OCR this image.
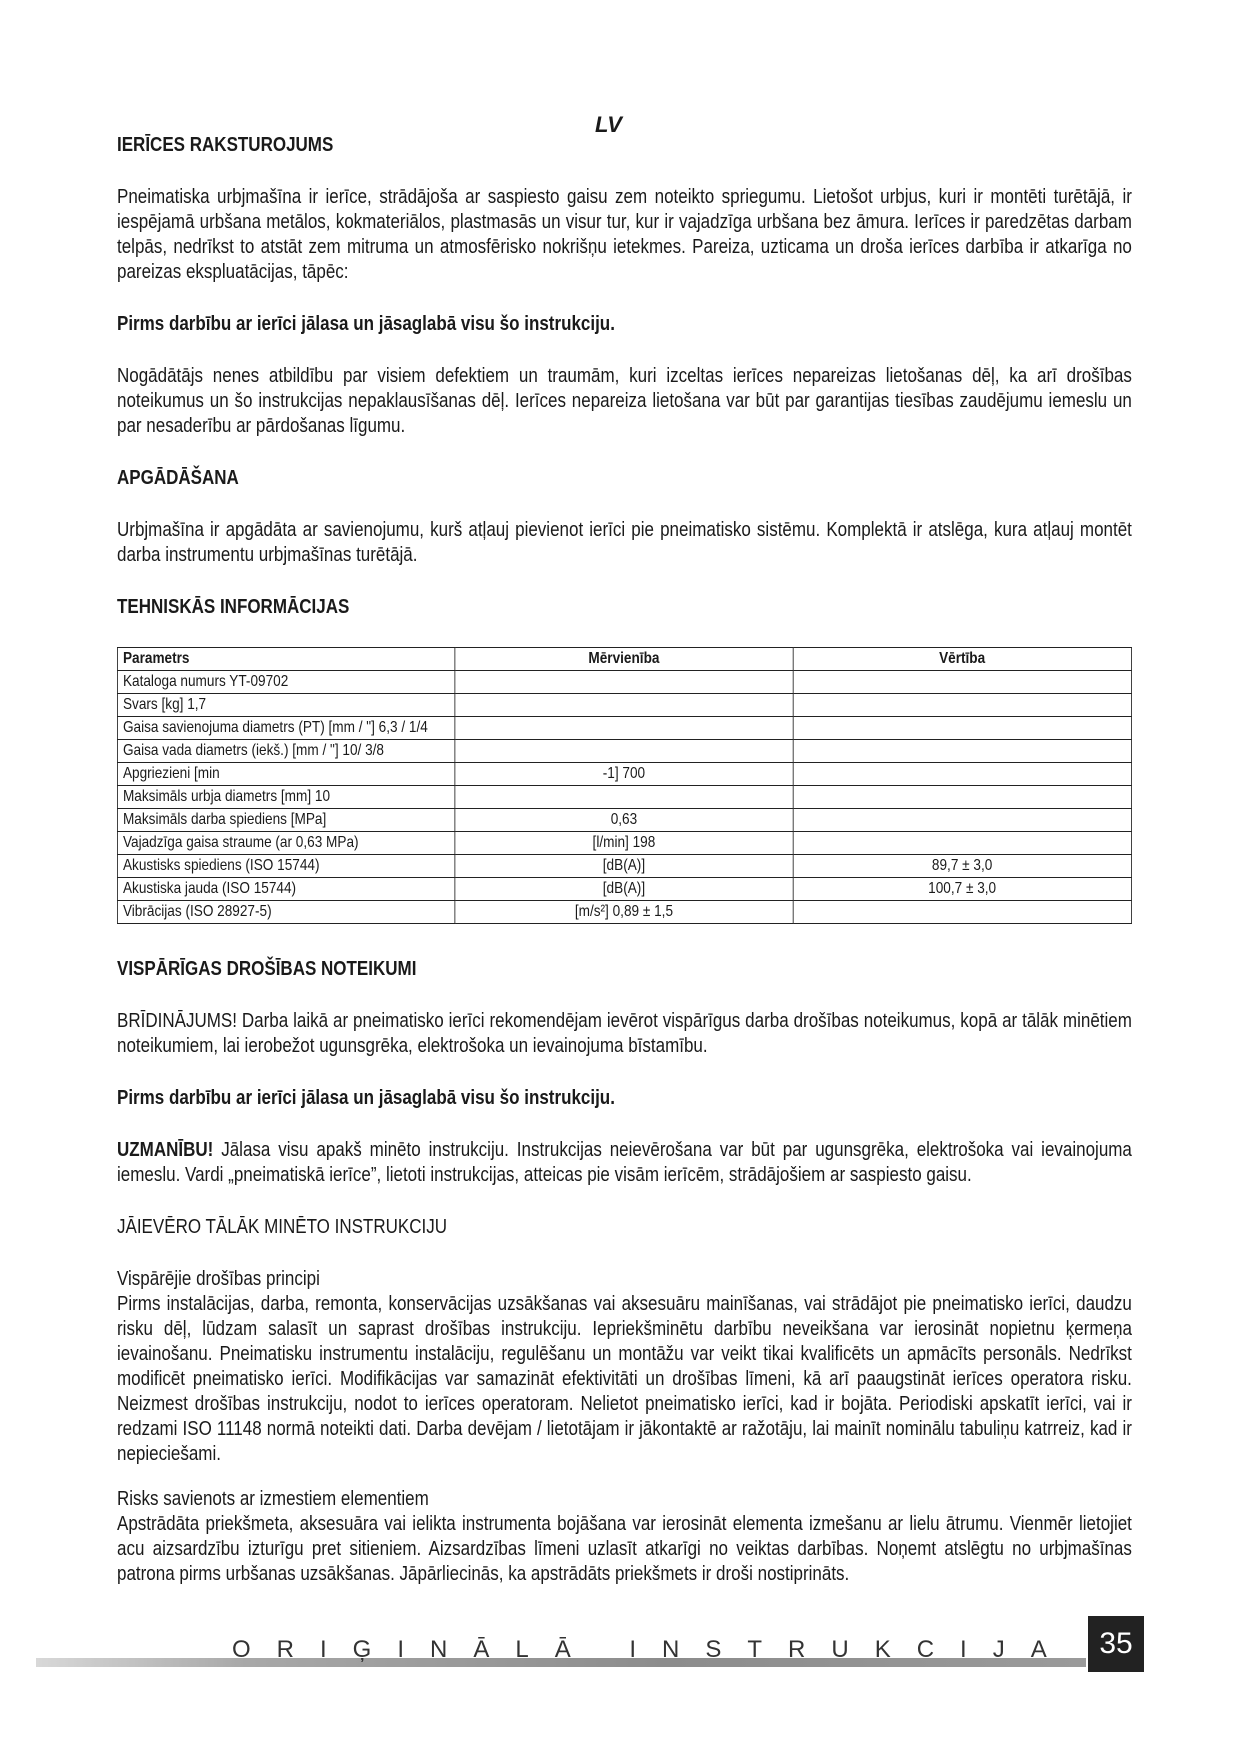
LV
IERĪCES RAKSTUROJUMS

Pneimatiska urbjmašīna ir ierīce, strādājoša ar saspiesto gaisu zem noteikto spriegumu. Lietošot urbjus, kuri ir montēti turētājā, ir iespējamā urbšana metālos, kokmateriālos, plastmasās un visur tur, kur ir vajadzīga urbšana bez āmura. Ierīces ir paredzētas darbam telpās, nedrīkst to atstāt zem mitruma un atmosfērisko nokrišņu ietekmes. Pareiza, uzticama un droša ierīces darbība ir atkarīga no pareizas ekspluatācijas, tāpēc:

Pirms darbību ar ierīci jālasa un jāsaglabā visu šo instrukciju.

Nogādātājs nenes atbildību par visiem defektiem un traumām, kuri izceltas ierīces nepareizas lietošanas dēļ, ka arī drošības noteikumus un šo instrukcijas nepaklausīšanas dēļ. Ierīces nepareiza lietošana var būt par garantijas tiesības zaudējumu iemeslu un par nesaderību ar pārdošanas līgumu.

APGĀDĀŠANA

Urbjmašīna ir apgādāta ar savienojumu, kurš atļauj pievienot ierīci pie pneimatisko sistēmu. Komplektā ir atslēga, kura atļauj montēt darba instrumentu urbjmašīnas turētājā.

TEHNISKĀS INFORMĀCIJAS
Parametrs	Mērvienība	Vērtība
Kataloga numurs YT-09702		
Svars [kg] 1,7		
Gaisa savienojuma diametrs (PT) [mm / "] 6,3 / 1/4		
Gaisa vada diametrs (iekš.) [mm / "] 10/ 3/8		
Apgriezieni [min	-1] 700	
Maksimāls urbja diametrs [mm] 10		
Maksimāls darba spiediens [MPa]	0,63	
Vajadzīga gaisa straume (ar 0,63 MPa)	[l/min] 198	
Akustisks spiediens (ISO 15744)	[dB(A)]	89,7 ± 3,0
Akustiska jauda (ISO 15744)	[dB(A)]	100,7 ± 3,0
Vibrācijas (ISO 28927-5)	[m/s²] 0,89 ± 1,5	
VISPĀRĪGAS DROŠĪBAS NOTEIKUMI

BRĪDINĀJUMS! Darba laikā ar pneimatisko ierīci rekomendējam ievērot vispārīgus darba drošības noteikumus, kopā ar tālāk minētiem noteikumiem, lai ierobežot ugunsgrēka, elektrošoka un ievainojuma bīstamību.

Pirms darbību ar ierīci jālasa un jāsaglabā visu šo instrukciju.

UZMANĪBU! Jālasa visu apakš minēto instrukciju. Instrukcijas neievērošana var būt par ugunsgrēka, elektrošoka vai ievainojuma iemeslu. Vardi „pneimatiskā ierīce”, lietoti instrukcijas, atteicas pie visām ierīcēm, strādājošiem ar saspiesto gaisu.

JĀIEVĒRO TĀLĀK MINĒTO INSTRUKCIJU

Vispārējie drošības principi

Pirms instalācijas, darba, remonta, konservācijas uzsākšanas vai aksesuāru mainīšanas, vai strādājot pie pneimatisko ierīci, daudzu risku dēļ, lūdzam salasīt un saprast drošības instrukciju. Iepriekšminētu darbību neveikšana var ierosināt nopietnu ķermeņa ievainošanu. Pneimatisku instrumentu instalāciju, regulēšanu un montāžu var veikt tikai kvalificēts un apmācīts personāls. Nedrīkst modificēt pneimatisko ierīci. Modifikācijas var samazināt efektivitāti un drošības līmeni, kā arī paaugstināt ierīces operatora risku. Neizmest drošības instrukciju, nodot to ierīces operatoram. Nelietot pneimatisko ierīci, kad ir bojāta. Periodiski apskatīt ierīci, vai ir redzami ISO 11148 normā noteikti dati. Darba devējam / lietotājam ir jākontaktē ar ražotāju, lai mainīt nominālu tabuliņu katrreiz, kad ir nepieciešami.

Risks savienots ar izmestiem elementiem

Apstrādāta priekšmeta, aksesuāra vai ielikta instrumenta bojāšana var ierosināt elementa izmešanu ar lielu ātrumu. Vienmēr lietojiet acu aizsardzību izturīgu pret sitieniem. Aizsardzības līmeni uzlasīt atkarīgi no veiktas darbības. Noņemt atslēgtu no urbjmašīnas patrona pirms urbšanas uzsākšanas. Jāpārliecinās, ka apstrādāts priekšmets ir droši nostiprināts.

ORIĢINĀLĀ INSTRUKCIJA 35
